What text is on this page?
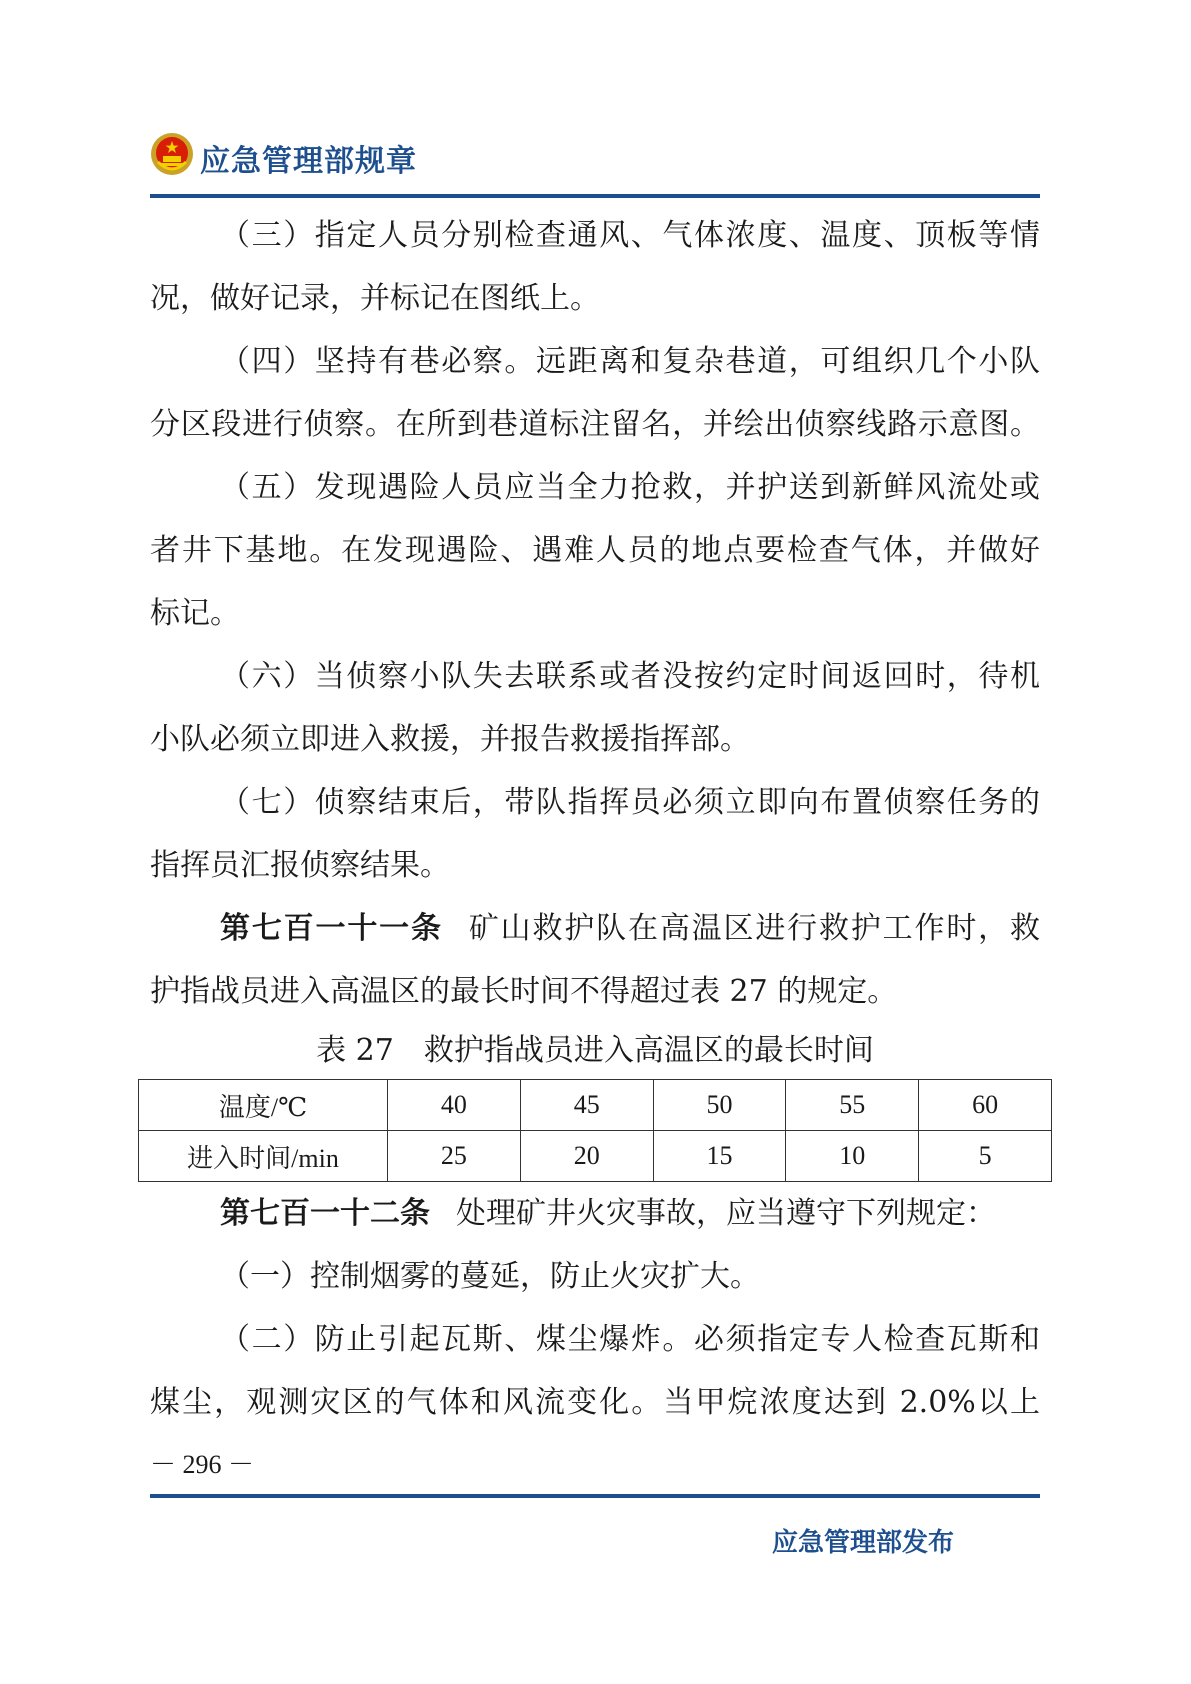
应急管理部规章

（三）指定人员分别检查通风、气体浓度、温度、顶板等情

况，做好记录，并标记在图纸上。

（四）坚持有巷必察。远距离和复杂巷道，可组织几个小队

分区段进行侦察。在所到巷道标注留名，并绘出侦察线路示意图。

（五）发现遇险人员应当全力抢救，并护送到新鲜风流处或

者井下基地。在发现遇险、遇难人员的地点要检查气体，并做好

标记。

（六）当侦察小队失去联系或者没按约定时间返回时，待机

小队必须立即进入救援，并报告救援指挥部。

（七）侦察结束后，带队指挥员必须立即向布置侦察任务的

指挥员汇报侦察结果。

第七百一十一条 矿山救护队在高温区进行救护工作时，救

护指战员进入高温区的最长时间不得超过表 27 的规定。

表 27　救护指战员进入高温区的最长时间

温度/℃	40	45	50	55	60
进入时间/min	25	20	15	10	5

第七百一十二条 处理矿井火灾事故，应当遵守下列规定：

（一）控制烟雾的蔓延，防止火灾扩大。

（二）防止引起瓦斯、煤尘爆炸。必须指定专人检查瓦斯和

煤尘，观测灾区的气体和风流变化。当甲烷浓度达到 2.0%以上

－ 296 －
应急管理部发布
